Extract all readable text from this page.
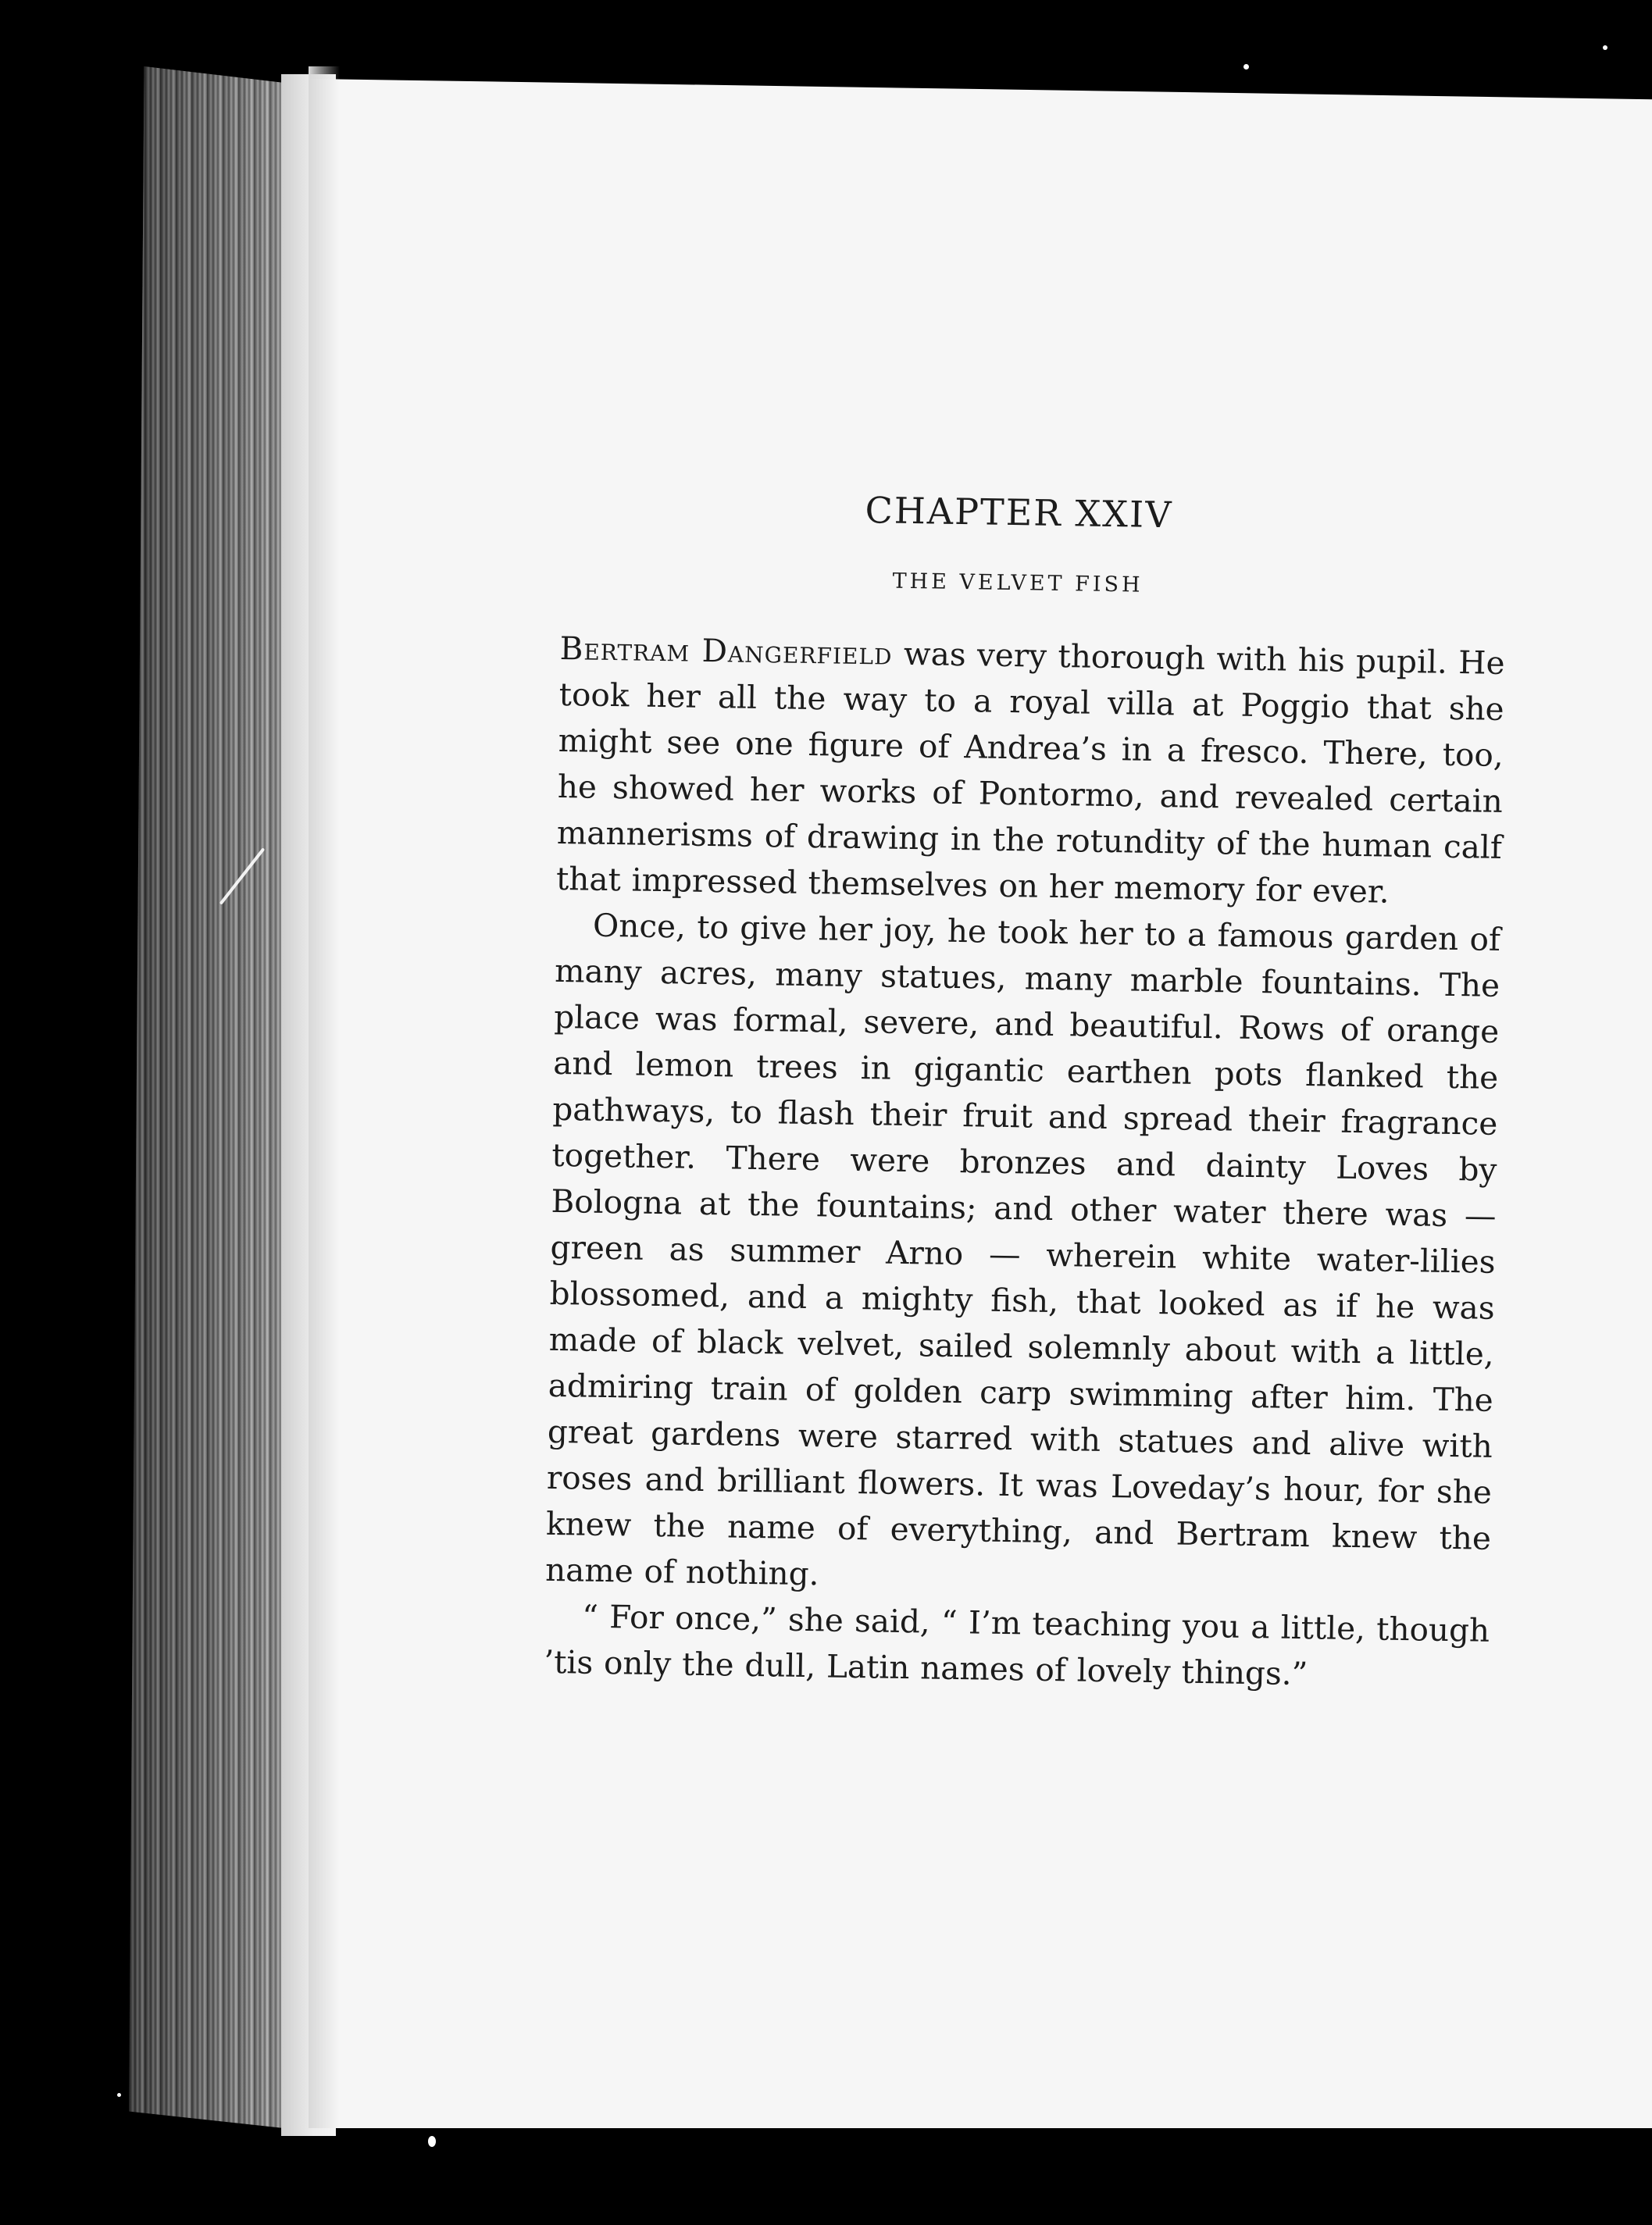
CHAPTER XXIV
THE VELVET FISH

Bertram Dangerfield was very thorough with his pupil. He took her all the way to a royal villa at Poggio that she might see one figure of Andrea’s in a fresco. There, too, he showed her works of Pontormo, and revealed certain mannerisms of drawing in the rotundity of the human calf that impressed themselves on her memory for ever.

Once, to give her joy, he took her to a famous garden of many acres, many statues, many marble fountains. The place was formal, severe, and beautiful. Rows of orange and lemon trees in gigantic earthen pots flanked the pathways, to flash their fruit and spread their fragrance together. There were bronzes and dainty Loves by Bologna at the fountains; and other water there was — green as summer Arno — wherein white water-lilies blossomed, and a mighty fish, that looked as if he was made of black velvet, sailed solemnly about with a little, admiring train of golden carp swimming after him. The great gardens were starred with statues and alive with roses and brilliant flowers. It was Loveday’s hour, for she knew the name of everything, and Bertram knew the name of nothing.

“ For once,” she said, “ I’m teaching you a little, though ’tis only the dull, Latin names of lovely things.”
